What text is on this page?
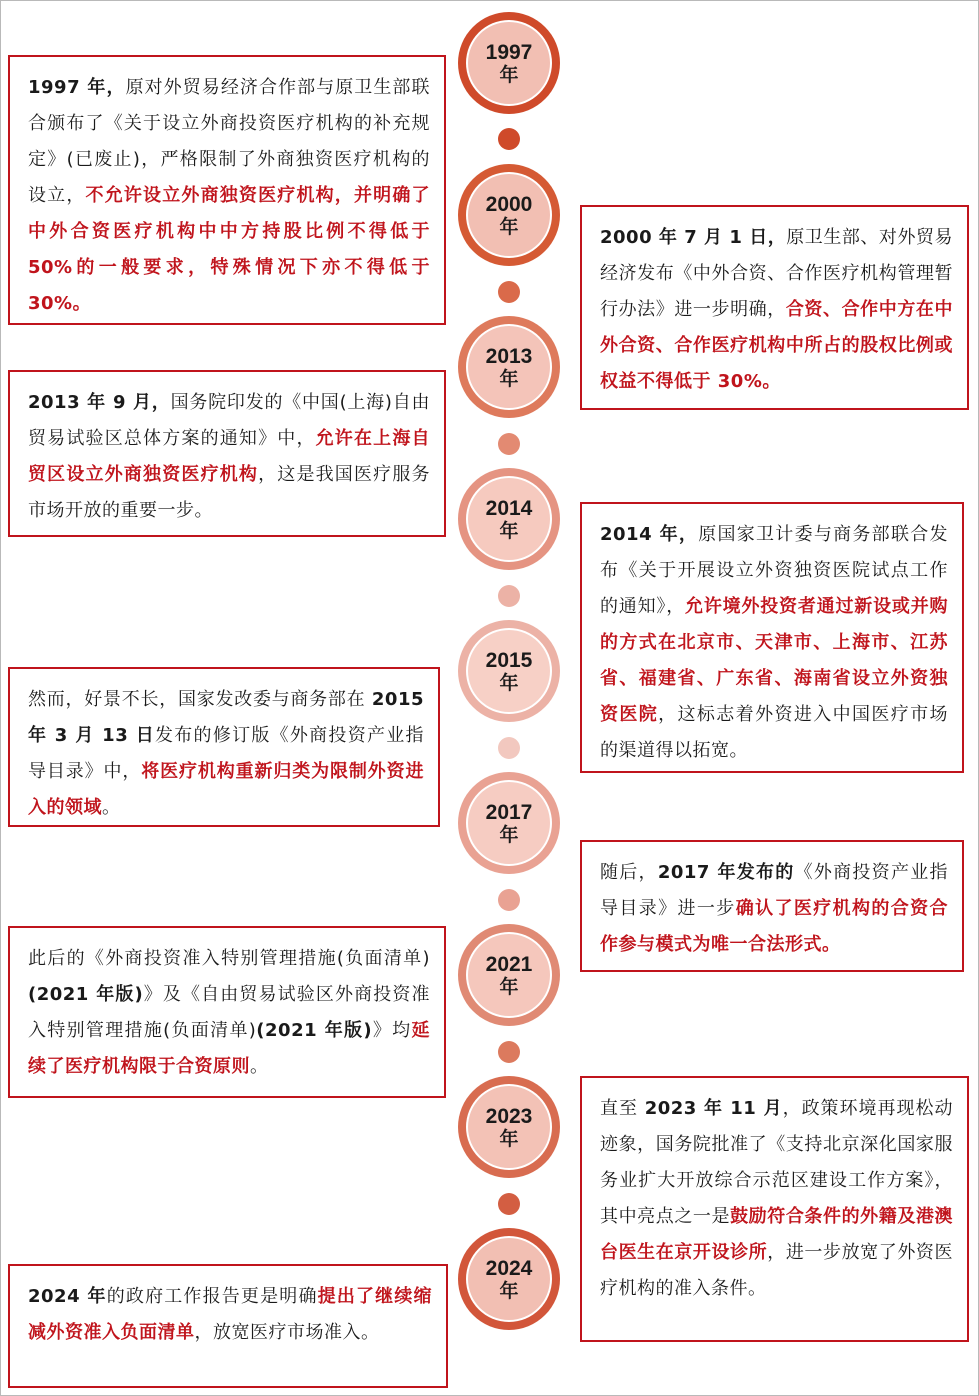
1997
年
2000
年
2013
年
2014
年
2015
年
2017
年
2021
年
2023
年
2024
年
1997 年，原对外贸易经济合作部与原卫生部联合颁布了《关于设立外商投资医疗机构的补充规定》(已废止)，严格限制了外商独资医疗机构的设立，不允许设立外商独资医疗机构，并明确了中外合资医疗机构中中方持股比例不得低于 50%的一般要求，特殊情况下亦不得低于 30%。
2000 年 7 月 1 日，原卫生部、对外贸易经济发布《中外合资、合作医疗机构管理暂行办法》进一步明确，合资、合作中方在中外合资、合作医疗机构中所占的股权比例或权益不得低于 30%。
2013 年 9 月，国务院印发的《中国(上海)自由贸易试验区总体方案的通知》中，允许在上海自贸区设立外商独资医疗机构，这是我国医疗服务市场开放的重要一步。
2014 年，原国家卫计委与商务部联合发布《关于开展设立外资独资医院试点工作的通知》，允许境外投资者通过新设或并购的方式在北京市、天津市、上海市、江苏省、福建省、广东省、海南省设立外资独资医院，这标志着外资进入中国医疗市场的渠道得以拓宽。
然而，好景不长，国家发改委与商务部在 2015 年 3 月 13 日发布的修订版《外商投资产业指导目录》中，将医疗机构重新归类为限制外资进入的领域。
随后，2017 年发布的《外商投资产业指导目录》进一步确认了医疗机构的合资合作参与模式为唯一合法形式。
此后的《外商投资准入特别管理措施(负面清单)(2021 年版)》及《自由贸易试验区外商投资准入特别管理措施(负面清单)(2021 年版)》均延续了医疗机构限于合资原则。
直至 2023 年 11 月，政策环境再现松动迹象，国务院批准了《支持北京深化国家服务业扩大开放综合示范区建设工作方案》，其中亮点之一是鼓励符合条件的外籍及港澳台医生在京开设诊所，进一步放宽了外资医疗机构的准入条件。
2024 年的政府工作报告更是明确提出了继续缩减外资准入负面清单，放宽医疗市场准入。
